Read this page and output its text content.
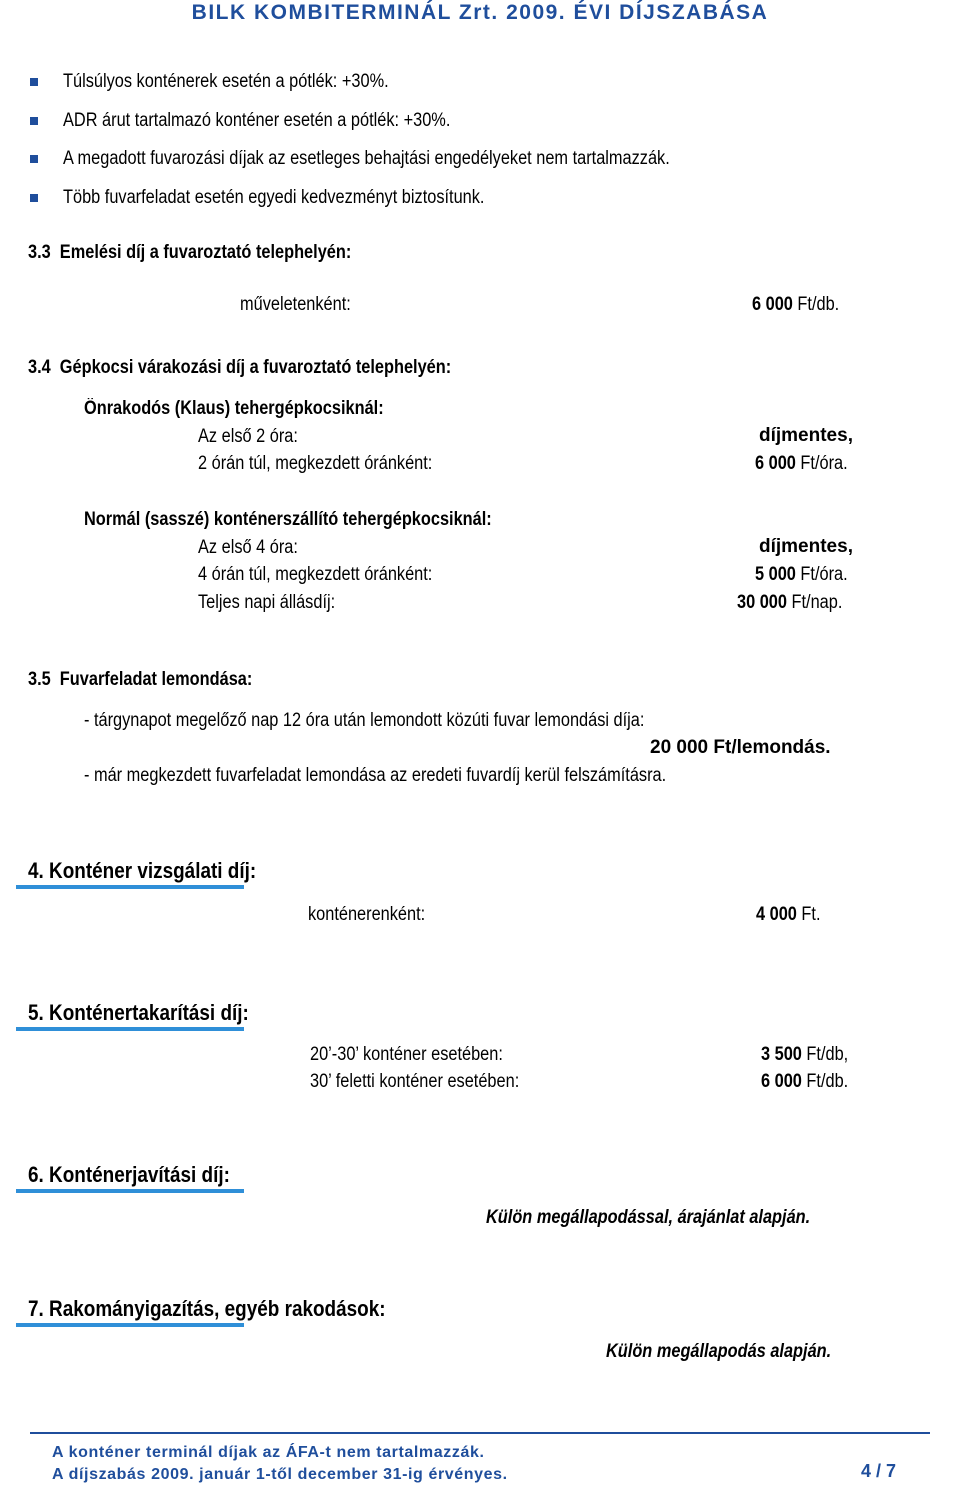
BILK KOMBITERMINÁL Zrt. 2009. ÉVI DÍJSZABÁSA
Túlsúlyos konténerek esetén a pótlék: +30%.
ADR árut tartalmazó konténer esetén a pótlék: +30%.
A megadott fuvarozási díjak az esetleges behajtási engedélyeket nem tartalmazzák.
Több fuvarfeladat esetén egyedi kedvezményt biztosítunk.
3.3 Emelési díj a fuvaroztató telephelyén:
műveletenként:	6 000 Ft/db.
3.4 Gépkocsi várakozási díj a fuvaroztató telephelyén:
Önrakodós (Klaus) tehergépkocsiknál:
Az első 2 óra:	díjmentes,
2 órán túl, megkezdett óránként:	6 000 Ft/óra.
Normál (sasszé) konténerszállító tehergépkocsiknál:
Az első 4 óra:	díjmentes,
4 órán túl, megkezdett óránként:	5 000 Ft/óra.
Teljes napi állásdíj:	30 000 Ft/nap.
3.5 Fuvarfeladat lemondása:
- tárgynapot megelőző nap 12 óra után lemondott közúti fuvar lemondási díja:
20 000 Ft/lemondás.
- már megkezdett fuvarfeladat lemondása az eredeti fuvardíj kerül felszámításra.
4. Konténer vizsgálati díj:
konténerenként:	4 000 Ft.
5. Konténertakarítási díj:
20’-30’ konténer esetében:	3 500 Ft/db,
30’ feletti konténer esetében:	6 000 Ft/db.
6. Konténerjavítási díj:
Külön megállapodással, árajánlat alapján.
7. Rakományigazítás, egyéb rakodások:
Külön megállapodás alapján.
A konténer terminál díjak az ÁFA-t nem tartalmazzák.
A díjszabás 2009. január 1-től december 31-ig érvényes.	4 / 7
